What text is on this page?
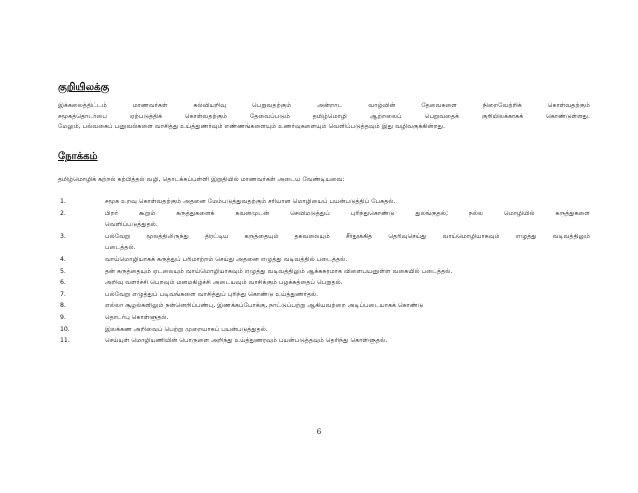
குறியிலக்கு
இக்கலைத்திட்டம் மாணவர்கள் கல்வியறிவு பெறுவதற்கும் அன்றாட வாழ்வின் தேவைகளை நிறைவேற்றிக் கொள்வதற்கும்
சமூகத்தொடர்பை ஏற்படுத்திக் கொள்வதற்கும் தேவைப்படும் தமிழ்மொழி ஆற்றலைப் பெறுவதைக் குறியிலக்காகக் கொண்டுள்ளது.
மேலும், பல்வகைப் பனுவல்களை வாசித்து உய்த்துணர்வும் எண்ணங்களையும் உணர்வுகளையும் வெளிப்படுத்தவும் இது வழிவகுக்கின்றது.
நோக்கம்
தமிழ்மொழிக் கற்றல் கற்பித்தல் வழி, தொடக்கப்பள்ளி இறுதியில் மாணவர்கள் அடைய வேண்டியவை:
1.	சமூக உறவு கொள்வதற்கும் அதனை மேம்படுத்துவதற்கும் சரியான மொழியைப் பயன்படுத்திப் பேசுதல்.
2.	பிறர் கூறும் கருத்துகளைக் கவனமுடன் செவிமடுத்துப் புரிந்துகொண்டு துலங்குதல்; நல்ல மொழியில் கருத்துகளை
வெளிப்படுத்துதல்.
3.	பல்வேறு மூலத்திலிருந்து திரட்டிய கருத்தையும் தகவலையும் சீர்தூக்கித் தெரிவுசெய்து வாய்மொழியாகவும் எழுத்து வடிவத்திலும்
படைத்தல்.
4.	வாய்மொழியாகக் கருத்துப் பரிமாற்றம் செய்து அதனை எழுத்து வடிவத்தில் படைத்தல்.
5.	தன் கருத்தையும் ஏடலையும் வாய்மொழியாகவும் எழுத்து வடிவத்திலும் ஆக்கசுரமாக விளைபயனுள்ள வகையில் படைத்தல்.
6.	அறிவு வளர்ச்சி பெறவும் மனமகிழ்ச்சி அடையவும் வாசிக்கும் பழக்கத்தைப் பெறுதல்.
7.	பல்வேறு எழுத்துப் படிவங்களை வாசித்துப் புரிந்து கொண்டு உய்த்துணர்தல்.
8.	எல்லா சூழல்களிலும் நன்னெறிப்பண்பு, இணக்கப்போக்கு, நாட்டுப்பற்று ஆகியவற்றை அடிப்படையாகக் கொண்டு
9.	தொடர்பு கொள்ளுதல்.
10.	இலக்கண அறிவைப் பெற்று முறையாகப் பயன்படுத்துதல்.
11.	செய்யுள் மொழியணியின் பொருளை அறிந்து உய்த்துணரவும் பயன்படுத்தவும் தெரிந்து கொள்ளுதல்.
6
